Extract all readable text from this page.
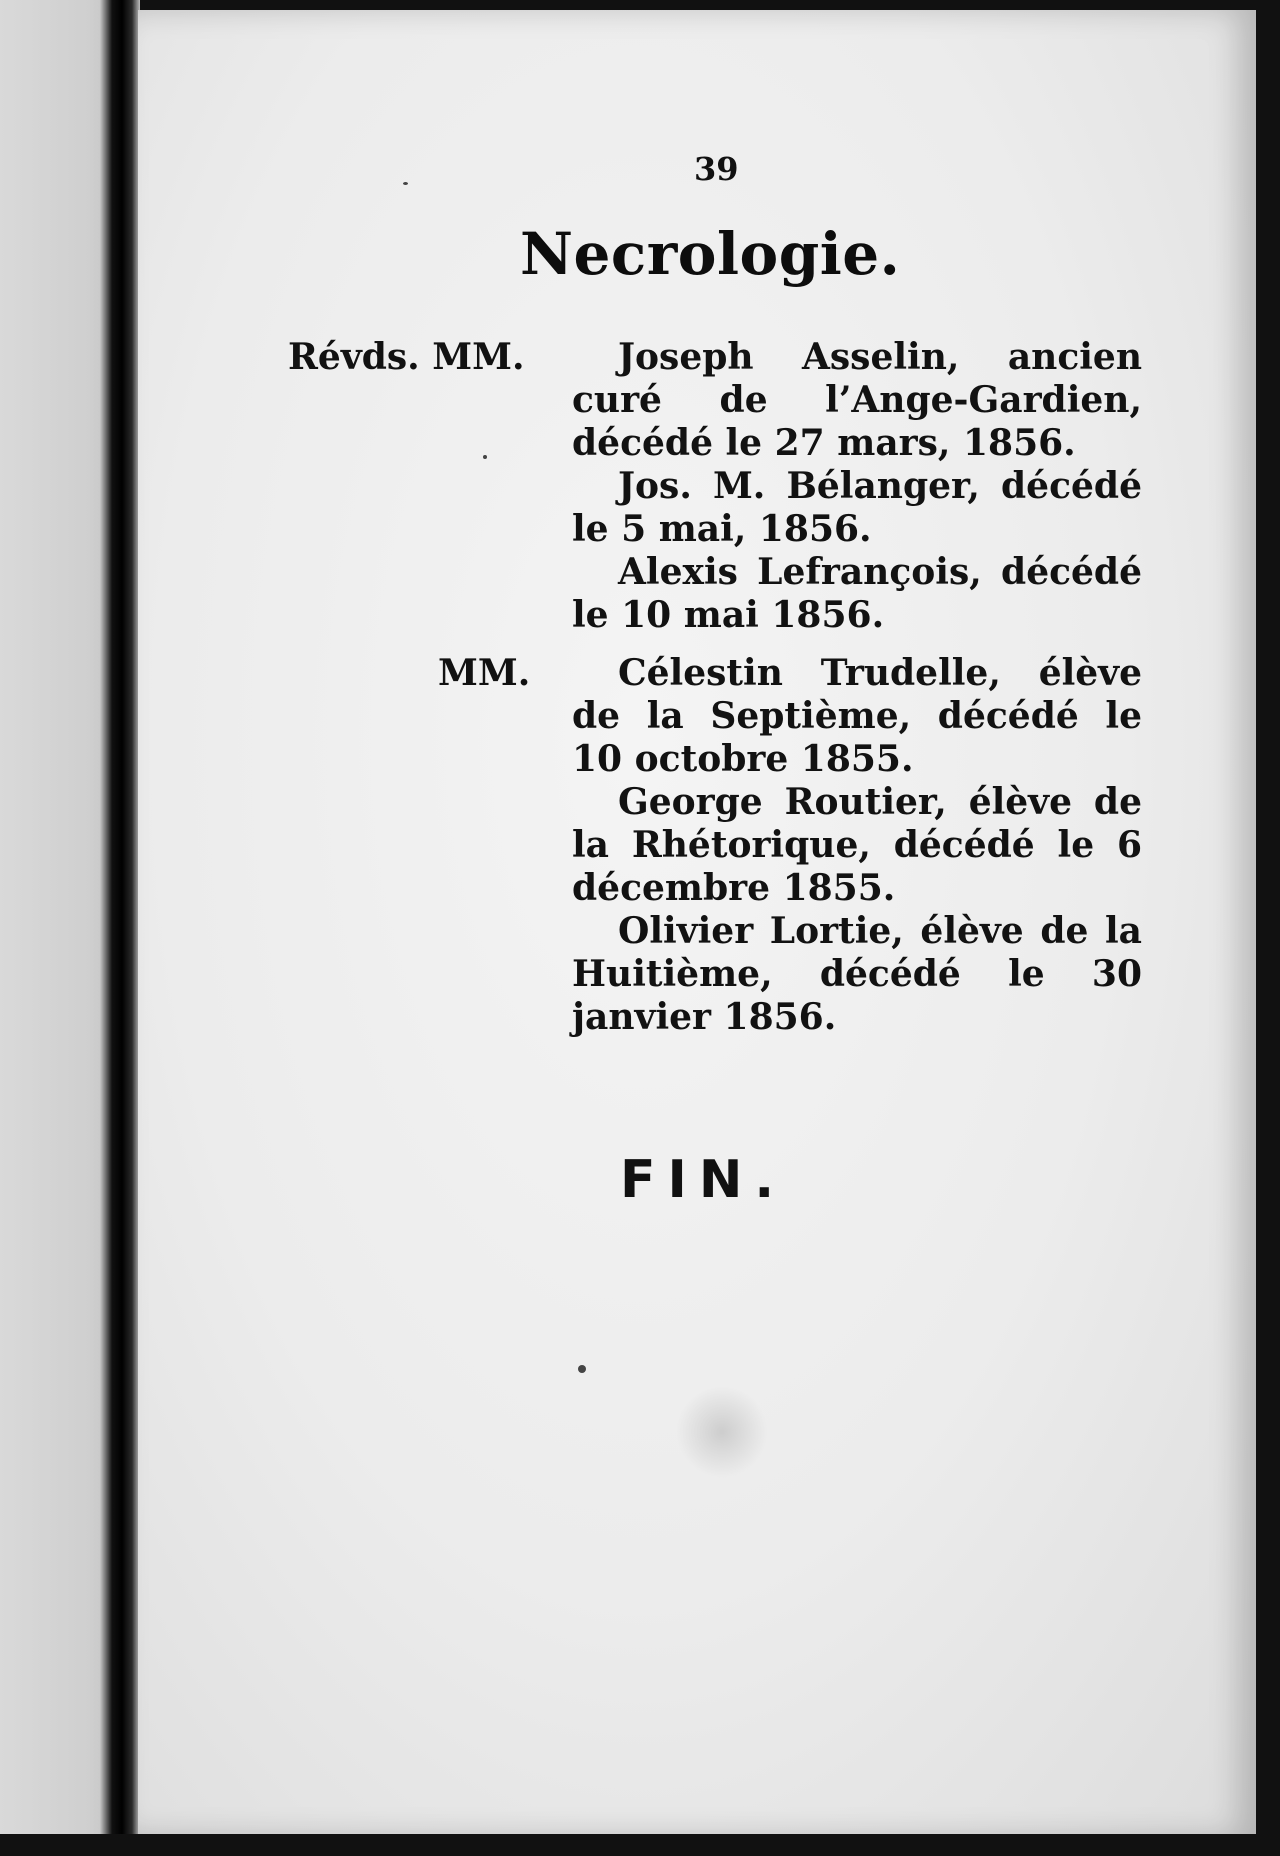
39
Necrologie.
Révds. MM.	Joseph Asselin, ancien curé de l’Ange-Gardien, décédé le 27 mars, 1856.

Jos. M. Bélanger, décédé le 5 mai, 1856.

Alexis Lefrançois, décédé le 10 mai 1856.

MM.	Célestin Trudelle, élève de la Septième, décédé le 10 octobre 1855.

George Routier, élève de la Rhétorique, décédé le 6 décembre 1855.

Olivier Lortie, élève de la Huitième, décédé le 30 janvier 1856.

FIN.
